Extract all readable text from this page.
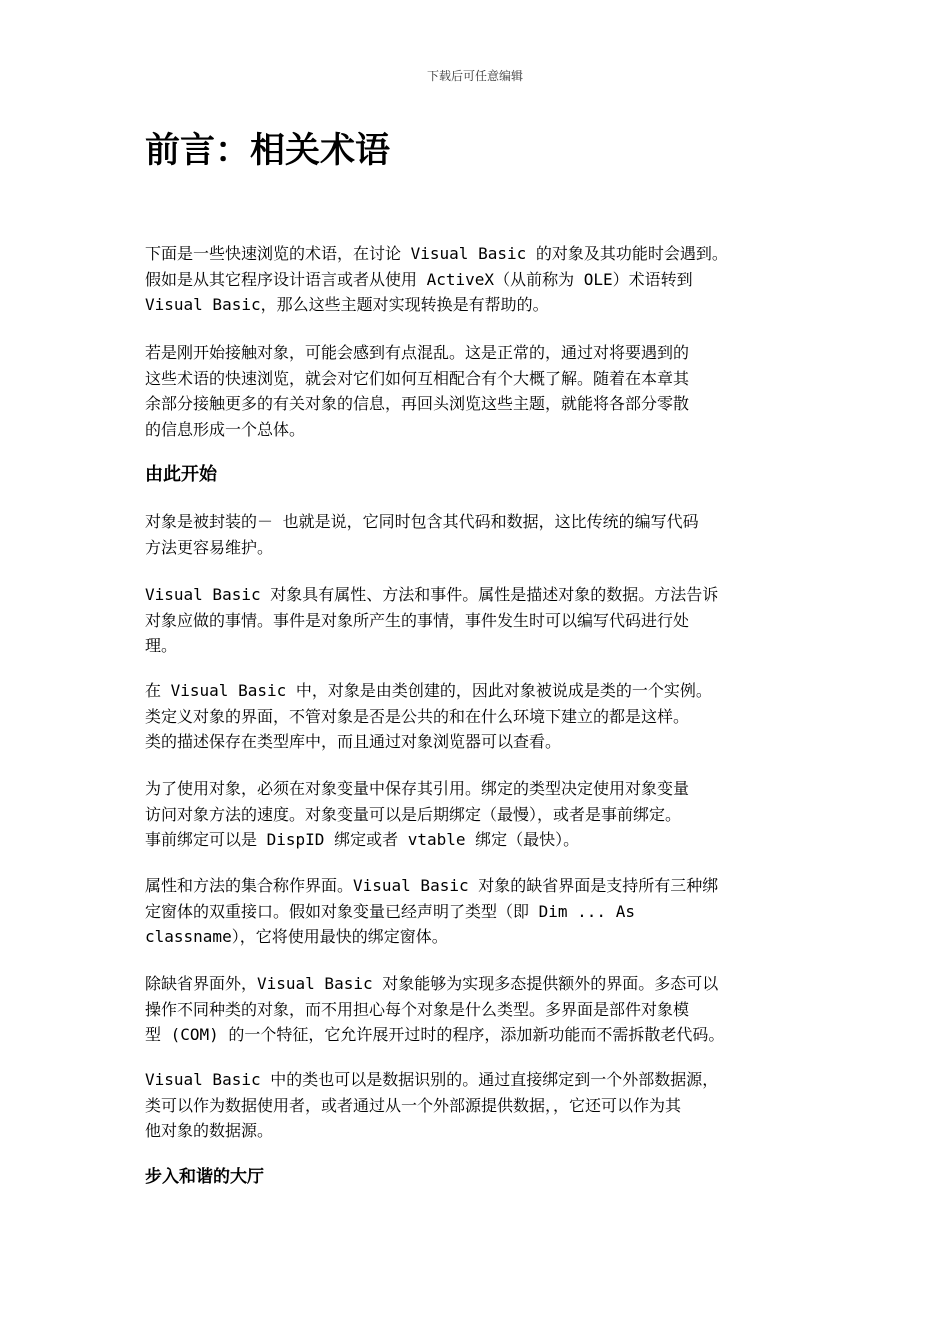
下载后可任意编辑
前言：相关术语

下面是一些快速浏览的术语，在讨论 Visual Basic 的对象及其功能时会遇到。
假如是从其它程序设计语言或者从使用 ActiveX（从前称为 OLE）术语转到
Visual Basic，那么这些主题对实现转换是有帮助的。

若是刚开始接触对象，可能会感到有点混乱。这是正常的，通过对将要遇到的
这些术语的快速浏览，就会对它们如何互相配合有个大概了解。随着在本章其
余部分接触更多的有关对象的信息，再回头浏览这些主题，就能将各部分零散
的信息形成一个总体。

由此开始

对象是被封装的－ 也就是说，它同时包含其代码和数据，这比传统的编写代码
方法更容易维护。

Visual Basic 对象具有属性、方法和事件。属性是描述对象的数据。方法告诉
对象应做的事情。事件是对象所产生的事情，事件发生时可以编写代码进行处
理。

在 Visual Basic 中，对象是由类创建的，因此对象被说成是类的一个实例。
类定义对象的界面，不管对象是否是公共的和在什么环境下建立的都是这样。
类的描述保存在类型库中，而且通过对象浏览器可以查看。

为了使用对象，必须在对象变量中保存其引用。绑定的类型决定使用对象变量
访问对象方法的速度。对象变量可以是后期绑定（最慢），或者是事前绑定。
事前绑定可以是 DispID 绑定或者 vtable 绑定（最快）。

属性和方法的集合称作界面。Visual Basic 对象的缺省界面是支持所有三种绑
定窗体的双重接口。假如对象变量已经声明了类型（即 Dim ... As
classname），它将使用最快的绑定窗体。

除缺省界面外，Visual Basic 对象能够为实现多态提供额外的界面。多态可以
操作不同种类的对象，而不用担心每个对象是什么类型。多界面是部件对象模
型 (COM) 的一个特征，它允许展开过时的程序，添加新功能而不需拆散老代码。

Visual Basic 中的类也可以是数据识别的。通过直接绑定到一个外部数据源，
类可以作为数据使用者，或者通过从一个外部源提供数据，，它还可以作为其
他对象的数据源。

步入和谐的大厅
